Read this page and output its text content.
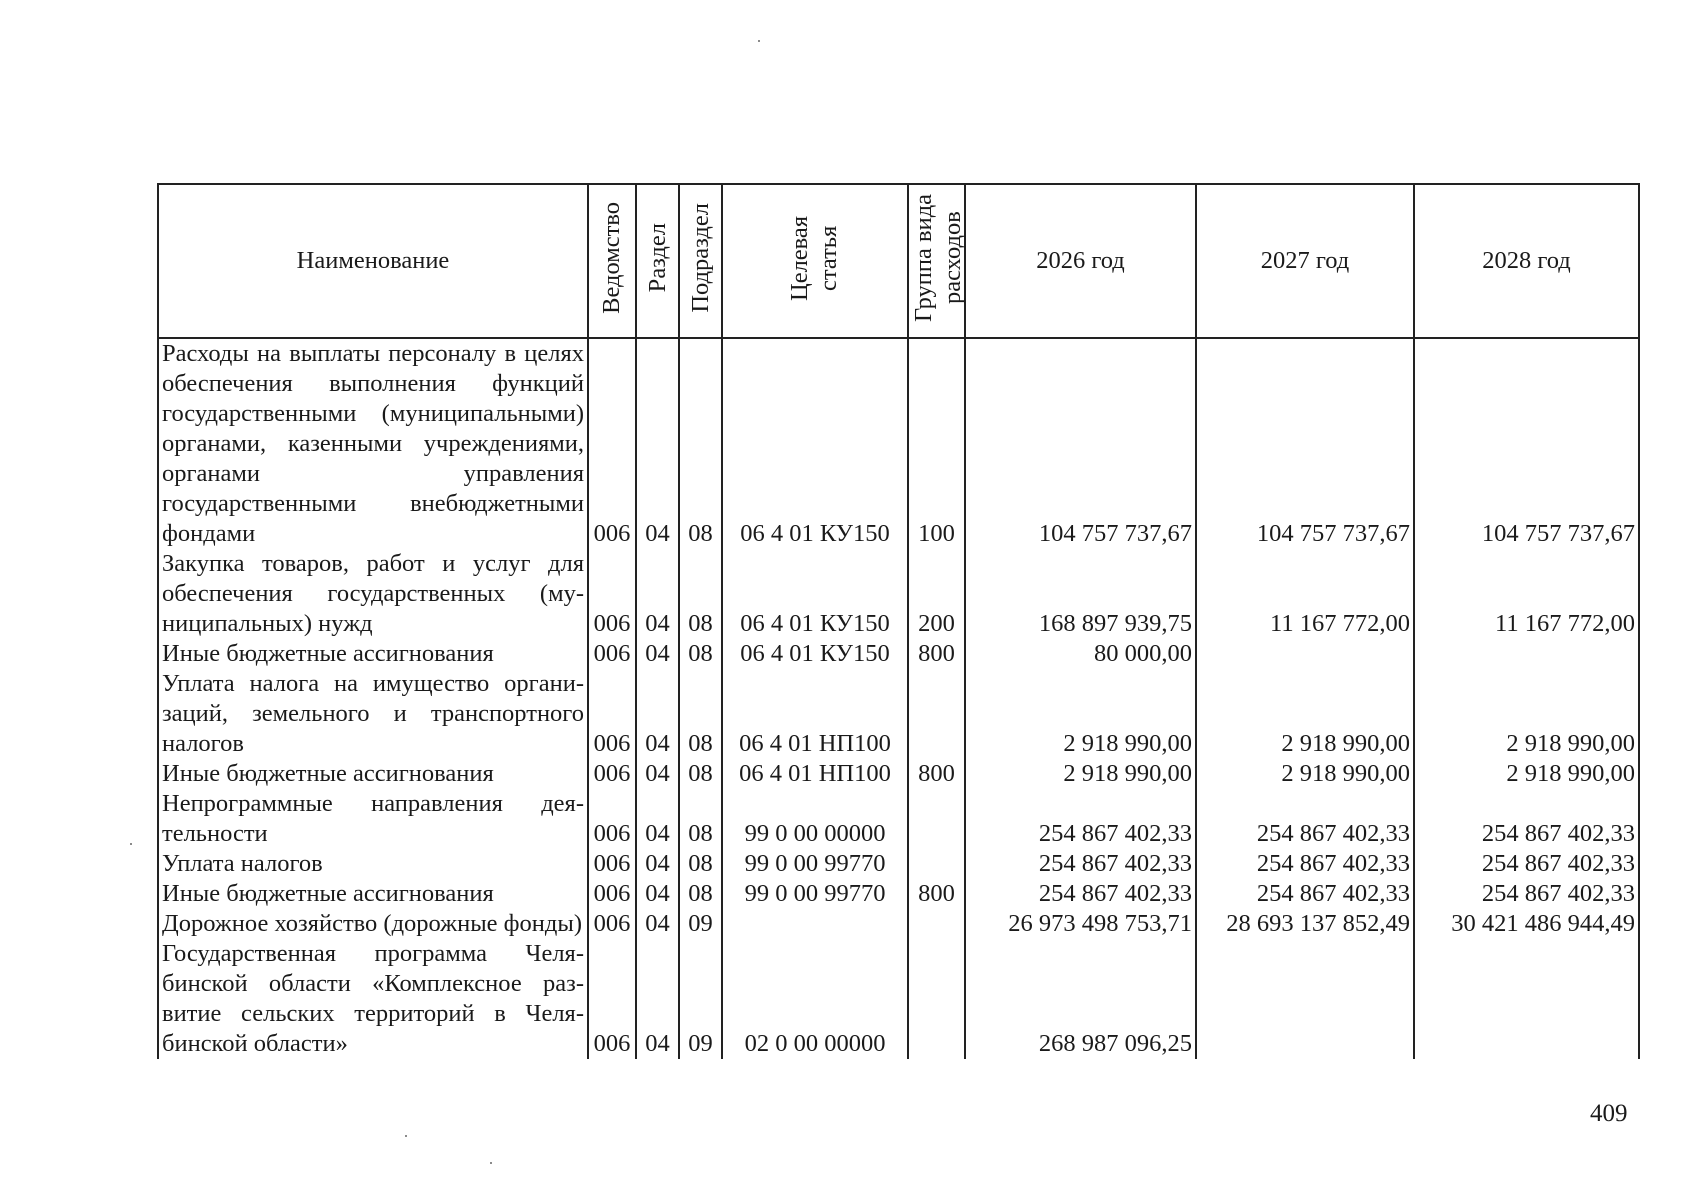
Наименование	Ведомство	Раздел	Подраздел	Целевая статья	Группа вида расходов	2026 год	2027 год	2028 год
Расходы на выплаты персоналу в целях обеспечения выполнения функций государственными (муниципальными) органами, казенными учреждениями, органами управления государственными внебюджетными фондами	006	04	08	06 4 01 КУ150	100	104 757 737,67	104 757 737,67	104 757 737,67
Закупка товаров, работ и услуг для обеспечения государственных (муниципальных) нужд	006	04	08	06 4 01 КУ150	200	168 897 939,75	11 167 772,00	11 167 772,00
Иные бюджетные ассигнования	006	04	08	06 4 01 КУ150	800	80 000,00		
Уплата налога на имущество организаций, земельного и транспортного налогов	006	04	08	06 4 01 НП100		2 918 990,00	2 918 990,00	2 918 990,00
Иные бюджетные ассигнования	006	04	08	06 4 01 НП100	800	2 918 990,00	2 918 990,00	2 918 990,00
Непрограммные направления деятельности	006	04	08	99 0 00 00000		254 867 402,33	254 867 402,33	254 867 402,33
Уплата налогов	006	04	08	99 0 00 99770		254 867 402,33	254 867 402,33	254 867 402,33
Иные бюджетные ассигнования	006	04	08	99 0 00 99770	800	254 867 402,33	254 867 402,33	254 867 402,33
Дорожное хозяйство (дорожные фонды)	006	04	09			26 973 498 753,71	28 693 137 852,49	30 421 486 944,49
Государственная программа Челябинской области «Комплексное развитие сельских территорий в Челябинской области»	006	04	09	02 0 00 00000		268 987 096,25		
409
